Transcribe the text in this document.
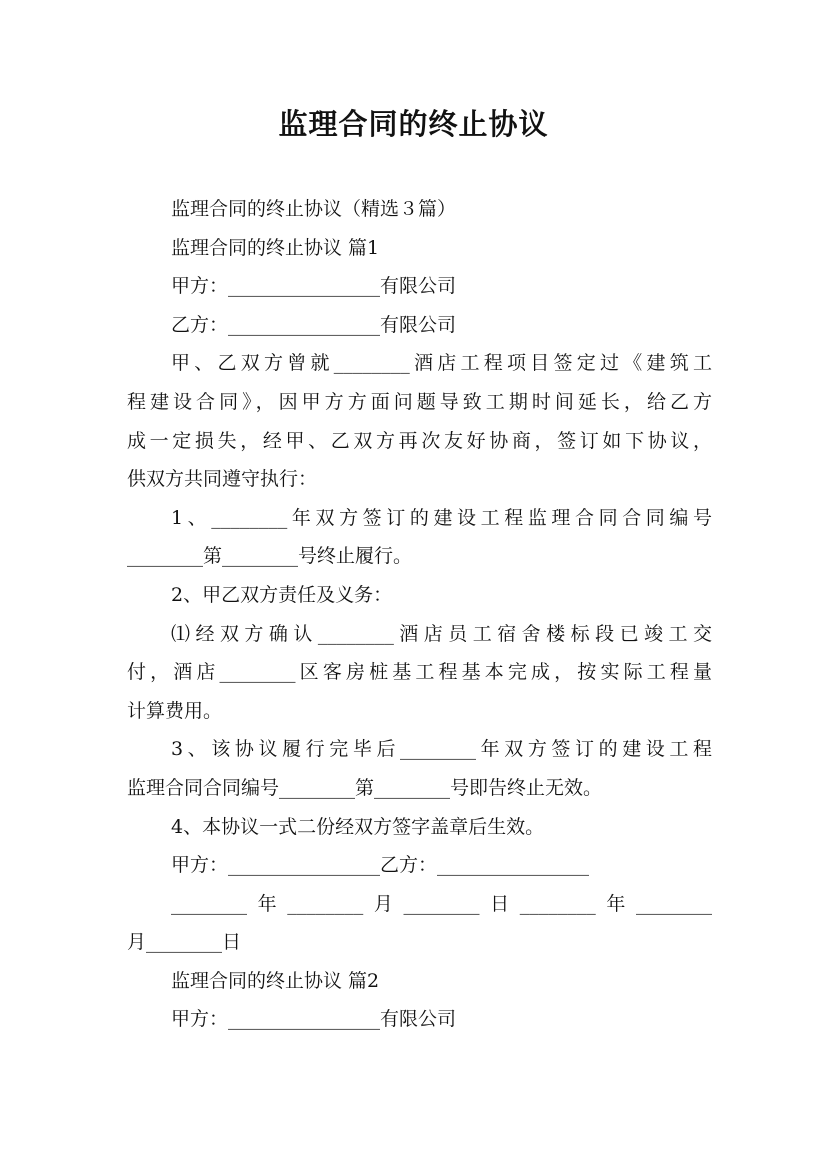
监理合同的终止协议
监理合同的终止协议（精选３篇）
监理合同的终止协议 篇1
甲方：________________有限公司
乙方：________________有限公司
甲、乙双方曾就________酒店工程项目签定过《建筑工
程建设合同》，因甲方方面问题导致工期时间延长，给乙方
成一定损失，经甲、乙双方再次友好协商，签订如下协议，
供双方共同遵守执行：
1、________年双方签订的建设工程监理合同合同编号
________第________号终止履行。
2、甲乙双方责任及义务：
⑴经双方确认________酒店员工宿舍楼标段已竣工交
付，酒店________区客房桩基工程基本完成，按实际工程量
计算费用。
3、该协议履行完毕后________年双方签订的建设工程
监理合同合同编号________第________号即告终止无效。
4、本协议一式二份经双方签字盖章后生效。
甲方：________________乙方：________________
________年________月________日________年________
月________日
监理合同的终止协议 篇2
甲方：________________有限公司
